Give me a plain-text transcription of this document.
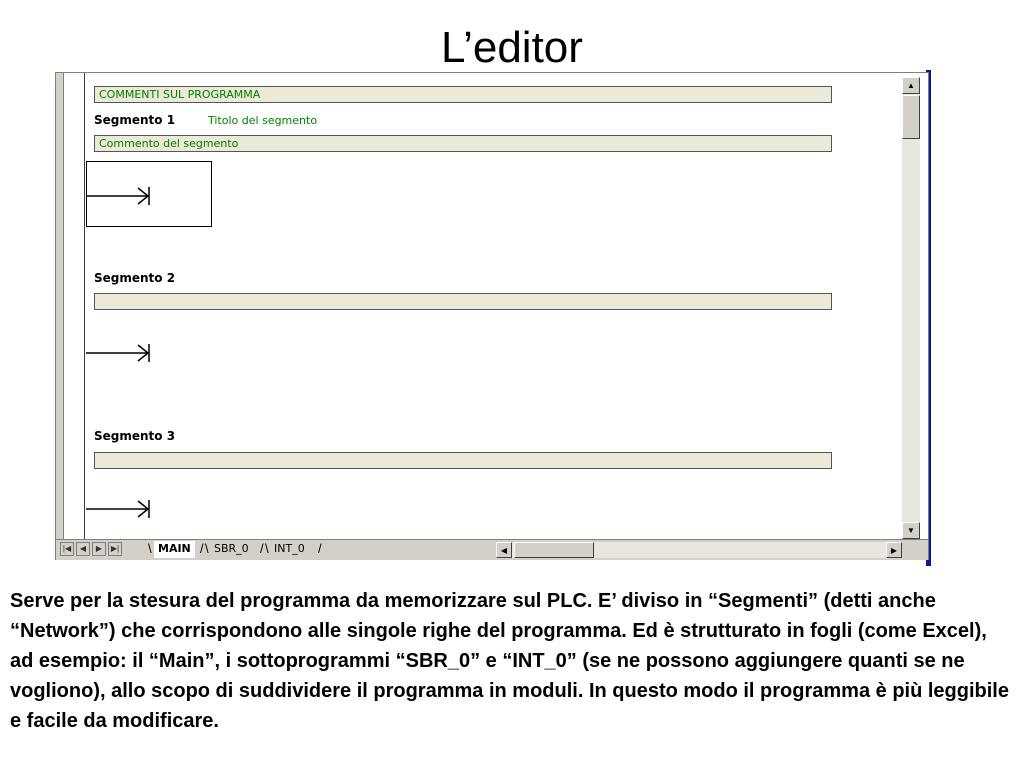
L’editor
COMMENTI SUL PROGRAMMA
Segmento 1	Titolo del segmento
Commento del segmento
Segmento 2
Segmento 3
▲
▼
|◀	◀	▶	▶| \ MAIN / \ SBR_0 / \ INT_0	/	◀	▶
Serve per la stesura del programma da memorizzare sul PLC. E’ diviso in “Segmenti” (detti anche “Network”) che corrispondono alle singole righe del programma. Ed è strutturato in fogli (come Excel), ad esempio: il “Main”, i sottoprogrammi “SBR_0” e “INT_0” (se ne possono aggiungere quanti se ne vogliono), allo scopo di suddividere il programma in moduli. In questo modo il programma è più leggibile e facile da modificare.
